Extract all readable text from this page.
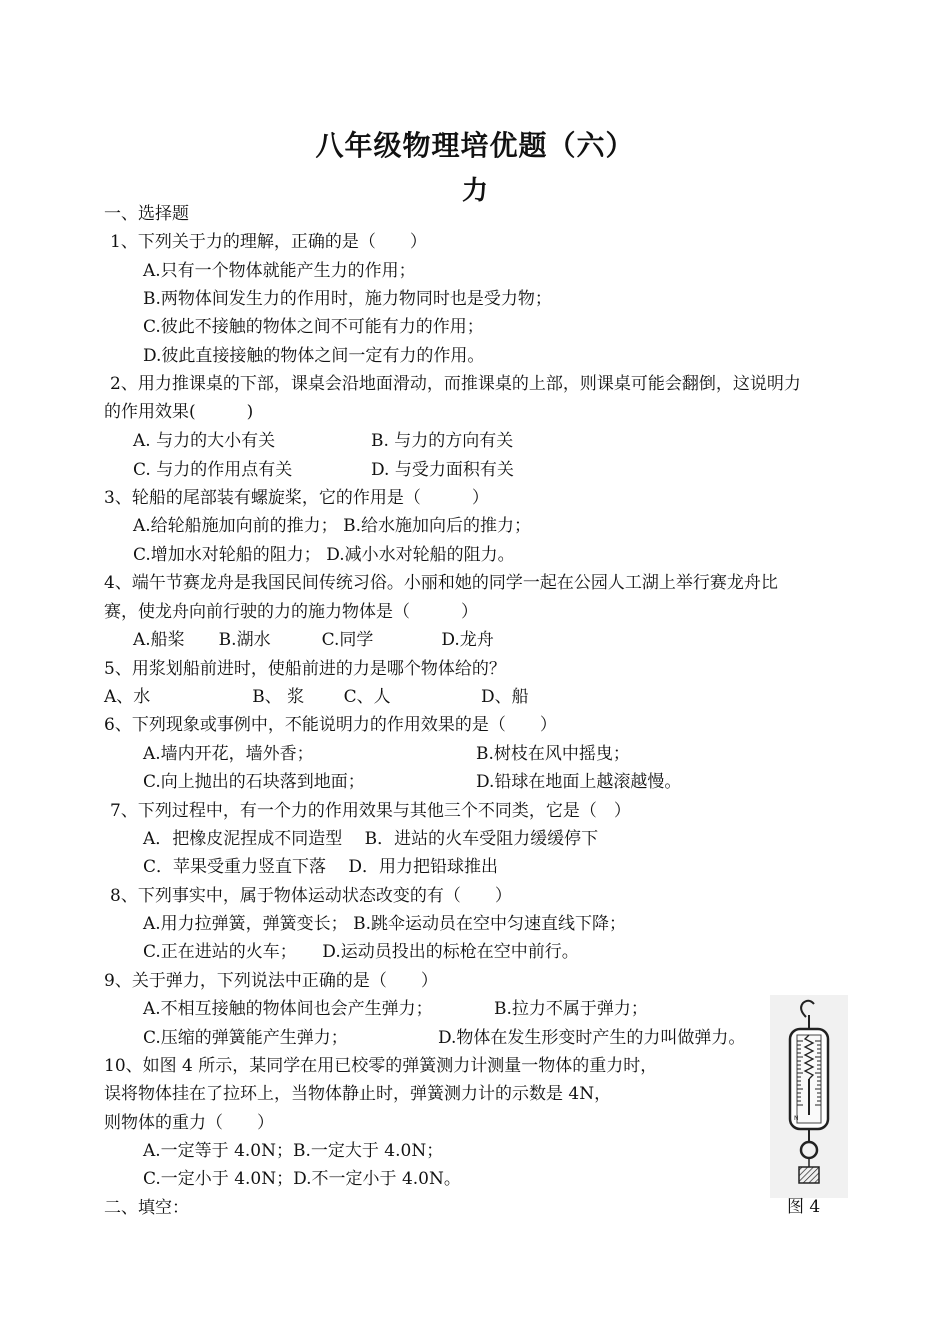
八年级物理培优题（六）
力
一、选择题
1、下列关于力的理解，正确的是（　　）
A.只有一个物体就能产生力的作用；
B.两物体间发生力的作用时，施力物同时也是受力物；
C.彼此不接触的物体之间不可能有力的作用；
D.彼此直接接触的物体之间一定有力的作用。
2、用力推课桌的下部，课桌会沿地面滑动，而推课桌的上部，则课桌可能会翻倒，这说明力
的作用效果(　　　)
A. 与力的大小有关	B. 与力的方向有关
C. 与力的作用点有关	D. 与受力面积有关
3、轮船的尾部装有螺旋桨，它的作用是（　　　）
A.给轮船施加向前的推力； B.给水施加向后的推力；
C.增加水对轮船的阻力； D.减小水对轮船的阻力。
4、端午节赛龙舟是我国民间传统习俗。小丽和她的同学一起在公园人工湖上举行赛龙舟比
赛，使龙舟向前行驶的力的施力物体是（　　　）
A.船桨　　B.湖水　　　C.同学　　　　D.龙舟
5、用浆划船前进时，使船前进的力是哪个物体给的？
A、水　　　　　　B、 浆　　 C、人　　　　　 D、船
6、下列现象或事例中，不能说明力的作用效果的是（　　）
A.墙内开花，墙外香；	B.树枝在风中摇曳；
C.向上抛出的石块落到地面；	D.铅球在地面上越滚越慢。
7、下列过程中，有一个力的作用效果与其他三个不同类，它是（　）
A．把橡皮泥捏成不同造型　 B．进站的火车受阻力缓缓停下
C．苹果受重力竖直下落　 D．用力把铅球推出
8、下列事实中，属于物体运动状态改变的有（　　）
A.用力拉弹簧，弹簧变长； B.跳伞运动员在空中匀速直线下降；
C.正在进站的火车；　　D.运动员投出的标枪在空中前行。
9、关于弹力，下列说法中正确的是（　　）
A.不相互接触的物体间也会产生弹力；	B.拉力不属于弹力；
C.压缩的弹簧能产生弹力；	D.物体在发生形变时产生的力叫做弹力。
10、如图 4 所示，某同学在用已校零的弹簧测力计测量一物体的重力时，
误将物体挂在了拉环上，当物体静止时，弹簧测力计的示数是 4N，
则物体的重力（　　）
A.一定等于 4.0N；B.一定大于 4.0N；
C.一定小于 4.0N；D.不一定小于 4.0N。
二、填空：
N
图 4
